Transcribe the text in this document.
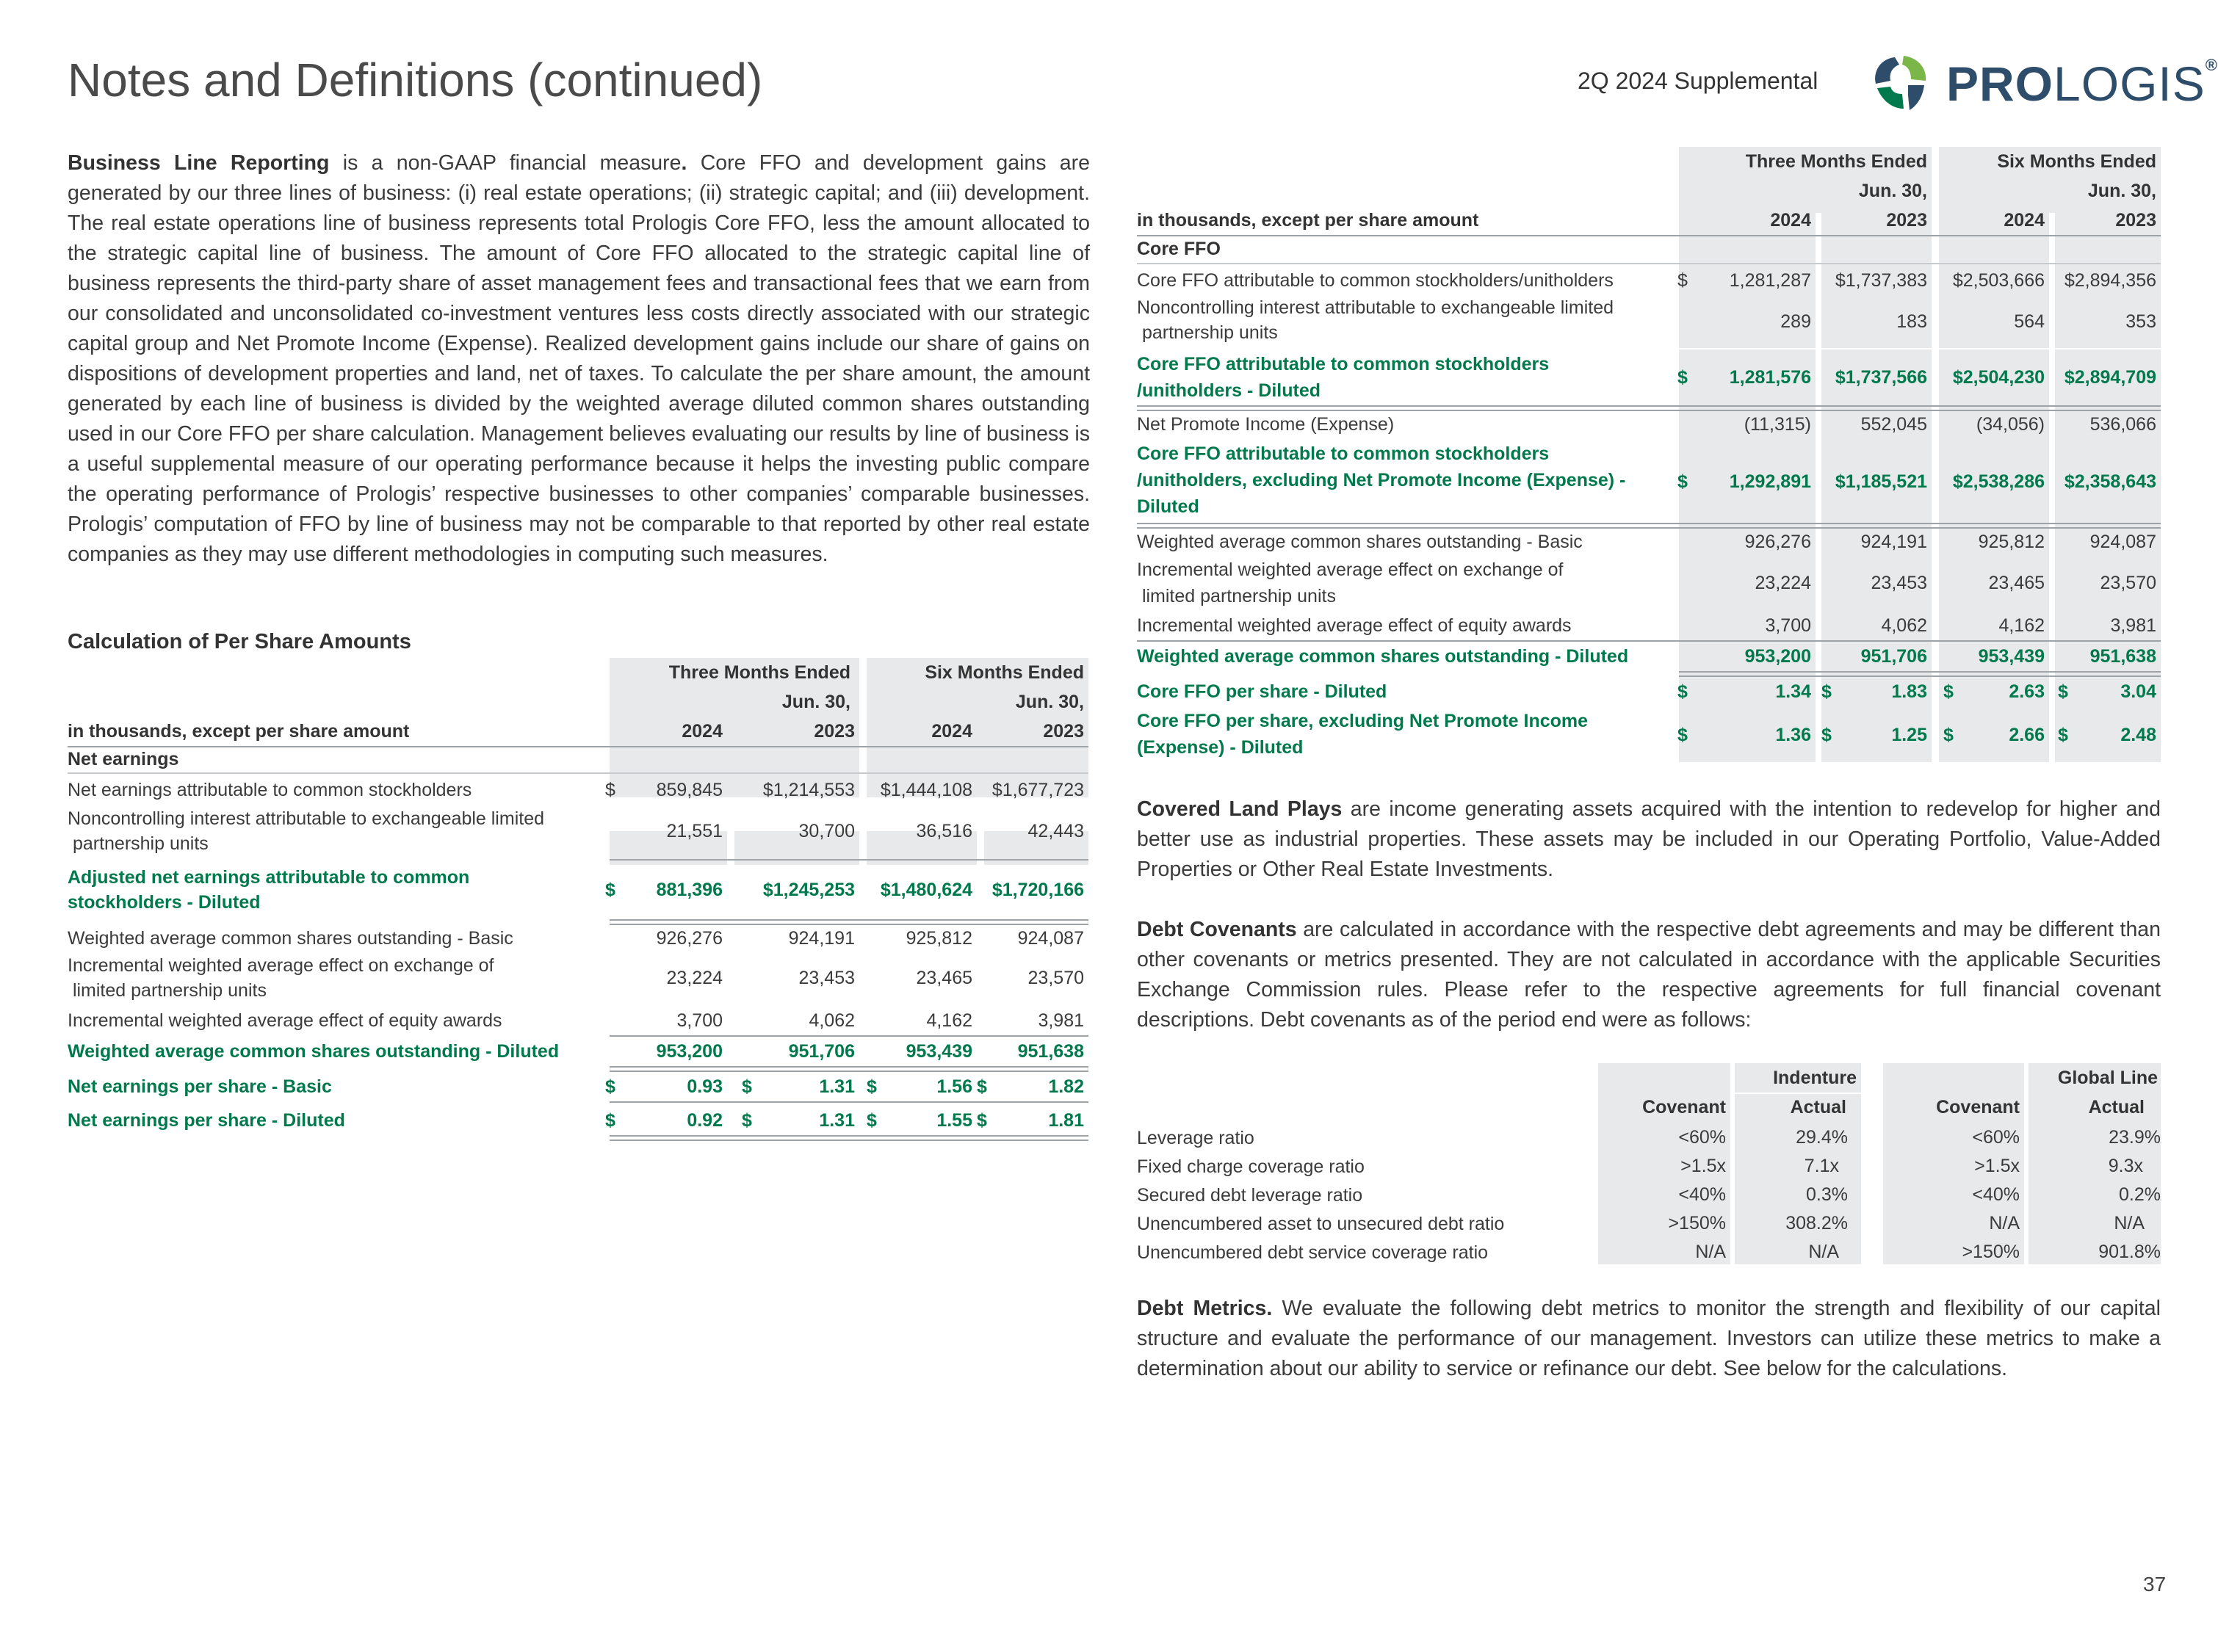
Notes and Definitions (continued)	2Q 2024 Supplemental	PROLOGIS®
Business Line Reporting is a non-GAAP financial measure. Core FFO and development gains are generated by our three lines of business: (i) real estate operations; (ii) strategic capital; and (iii) development. The real estate operations line of business represents total Prologis Core FFO, less the amount allocated to the strategic capital line of business. The amount of Core FFO allocated to the strategic capital line of business represents the third-party share of asset management fees and transactional fees that we earn from our consolidated and unconsolidated co-investment ventures less costs directly associated with our strategic capital group and Net Promote Income (Expense). Realized development gains include our share of gains on dispositions of development properties and land, net of taxes. To calculate the per share amount, the amount generated by each line of business is divided by the weighted average diluted common shares outstanding used in our Core FFO per share calculation. Management believes evaluating our results by line of business is a useful supplemental measure of our operating performance because it helps the investing public compare the operating performance of Prologis’ respective businesses to other companies’ comparable businesses. Prologis’ computation of FFO by line of business may not be comparable to that reported by other real estate companies as they may use different methodologies in computing such measures.
Calculation of Per Share Amounts
Three Months Ended	Six Months Ended
Jun. 30,	Jun. 30,
in thousands, except per share amount	2024	2023	2024	2023
Net earnings
Net earnings attributable to common stockholders	$	859,845	$1,214,553	$1,444,108	$1,677,723
Noncontrolling interest attributable to exchangeable limited
partnership units
21,551	30,700	36,516	42,443
Adjusted net earnings attributable to common
stockholders - Diluted
$	881,396	$1,245,253	$1,480,624	$1,720,166
Weighted average common shares outstanding - Basic	926,276	924,191	925,812	924,087
Incremental weighted average effect on exchange of
limited partnership units
23,224	23,453	23,465	23,570
Incremental weighted average effect of equity awards	3,700	4,062	4,162	3,981
Weighted average common shares outstanding - Diluted	953,200	951,706	953,439	951,638
Net earnings per share - Basic	$	0.93 $	1.31 $	1.56 $	1.82
Net earnings per share - Diluted	$	0.92 $	1.31 $	1.55 $	1.81
Three Months Ended	Six Months Ended
Jun. 30,	Jun. 30,
in thousands, except per share amount	2024	2023	2024	2023
Core FFO
Core FFO attributable to common stockholders/unitholders	$	1,281,287	$1,737,383	$2,503,666	$2,894,356
Noncontrolling interest attributable to exchangeable limited
partnership units
289	183	564	353
Core FFO attributable to common stockholders
/unitholders - Diluted
$	1,281,576	$1,737,566	$2,504,230	$2,894,709
Net Promote Income (Expense)	(11,315)	552,045	(34,056)	536,066
Core FFO attributable to common stockholders
/unitholders, excluding Net Promote Income (Expense) -
Diluted
$	1,292,891	$1,185,521	$2,538,286	$2,358,643
Weighted average common shares outstanding - Basic	926,276	924,191	925,812	924,087
Incremental weighted average effect on exchange of
limited partnership units
23,224	23,453	23,465	23,570
Incremental weighted average effect of equity awards	3,700	4,062	4,162	3,981
Weighted average common shares outstanding - Diluted	953,200	951,706	953,439	951,638
Core FFO per share - Diluted	$	1.34 $	1.83 $	2.63 $	3.04
Core FFO per share, excluding Net Promote Income
(Expense) - Diluted
$	1.36 $	1.25 $	2.66 $	2.48
Covered Land Plays are income generating assets acquired with the intention to redevelop for higher and better use as industrial properties. These assets may be included in our Operating Portfolio, Value-Added Properties or Other Real Estate Investments.
Debt Covenants are calculated in accordance with the respective debt agreements and may be different than other covenants or metrics presented. They are not calculated in accordance with the applicable Securities Exchange Commission rules. Please refer to the respective agreements for full financial covenant descriptions. Debt covenants as of the period end were as follows:
Indenture	Global Line
Covenant	Actual	Covenant	Actual
Leverage ratio	<60%	29.4%	<60%	23.9%
Fixed charge coverage ratio	>1.5x	7.1x	>1.5x	9.3x
Secured debt leverage ratio	<40%	0.3%	<40%	0.2%
Unencumbered asset to unsecured debt ratio	>150%	308.2%	N/A	N/A
Unencumbered debt service coverage ratio	N/A	N/A	>150%	901.8%
Debt Metrics. We evaluate the following debt metrics to monitor the strength and flexibility of our capital structure and evaluate the performance of our management. Investors can utilize these metrics to make a determination about our ability to service or refinance our debt. See below for the calculations.
37
